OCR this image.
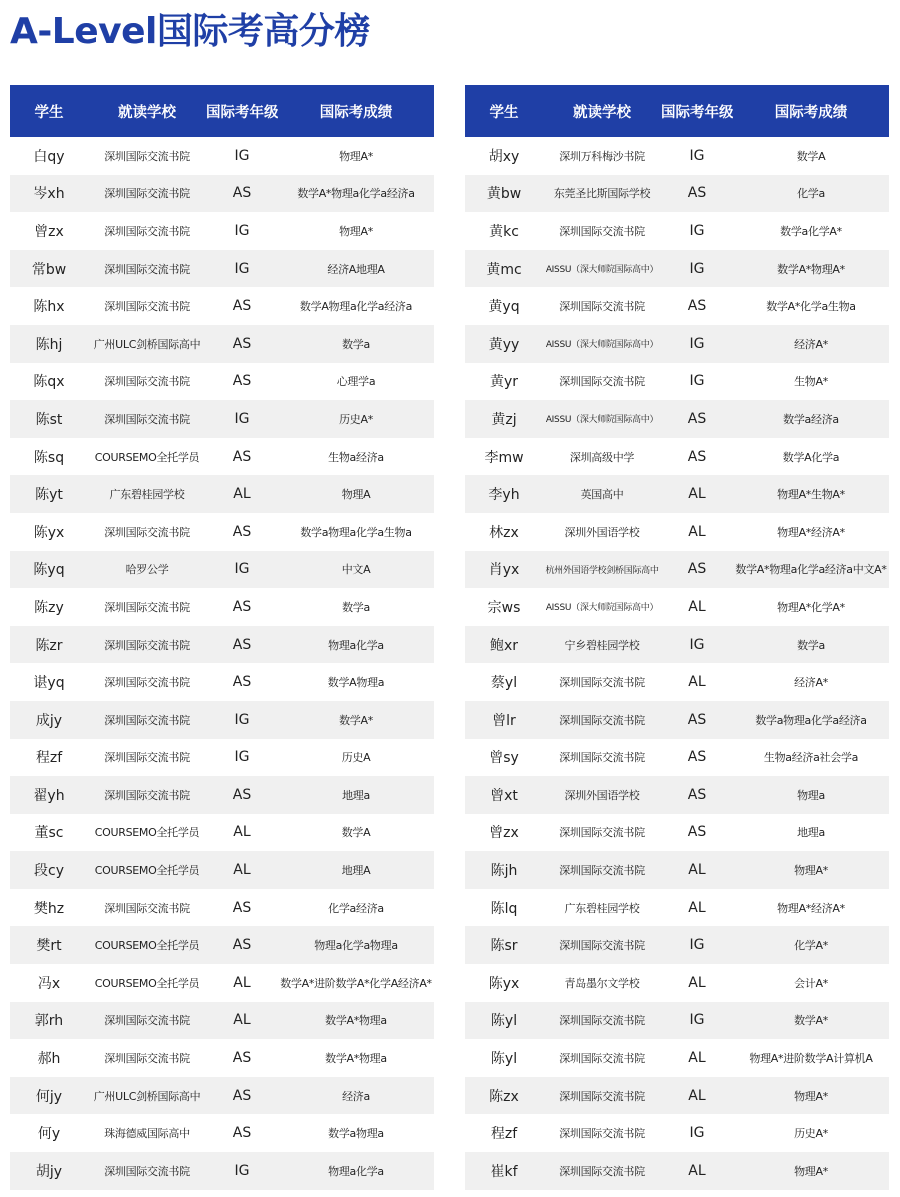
A-Level国际考高分榜
学生	就读学校	国际考年级	国际考成绩
白qy	深圳国际交流书院	IG	物理A*
岑xh	深圳国际交流书院	AS	数学A*物理a化学a经济a
曾zx	深圳国际交流书院	IG	物理A*
常bw	深圳国际交流书院	IG	经济A地理A
陈hx	深圳国际交流书院	AS	数学A物理a化学a经济a
陈hj	广州ULC剑桥国际高中	AS	数学a
陈qx	深圳国际交流书院	AS	心理学a
陈st	深圳国际交流书院	IG	历史A*
陈sq	COURSEMO全托学员	AS	生物a经济a
陈yt	广东碧桂园学校	AL	物理A
陈yx	深圳国际交流书院	AS	数学a物理a化学a生物a
陈yq	哈罗公学	IG	中文A
陈zy	深圳国际交流书院	AS	数学a
陈zr	深圳国际交流书院	AS	物理a化学a
谌yq	深圳国际交流书院	AS	数学A物理a
成jy	深圳国际交流书院	IG	数学A*
程zf	深圳国际交流书院	IG	历史A
翟yh	深圳国际交流书院	AS	地理a
董sc	COURSEMO全托学员	AL	数学A
段cy	COURSEMO全托学员	AL	地理A
樊hz	深圳国际交流书院	AS	化学a经济a
樊rt	COURSEMO全托学员	AS	物理a化学a物理a
冯x	COURSEMO全托学员	AL	数学A*进阶数学A*化学A经济A*
郭rh	深圳国际交流书院	AL	数学A*物理a
郝h	深圳国际交流书院	AS	数学A*物理a
何jy	广州ULC剑桥国际高中	AS	经济a
何y	珠海德威国际高中	AS	数学a物理a
胡jy	深圳国际交流书院	IG	物理a化学a
学生	就读学校	国际考年级	国际考成绩
胡xy	深圳万科梅沙书院	IG	数学A
黄bw	东莞圣比斯国际学校	AS	化学a
黄kc	深圳国际交流书院	IG	数学a化学A*
黄mc	AISSU（深大师院国际高中）	IG	数学A*物理A*
黄yq	深圳国际交流书院	AS	数学A*化学a生物a
黄yy	AISSU（深大师院国际高中）	IG	经济A*
黄yr	深圳国际交流书院	IG	生物A*
黄zj	AISSU（深大师院国际高中）	AS	数学a经济a
李mw	深圳高级中学	AS	数学A化学a
李yh	英国高中	AL	物理A*生物A*
林zx	深圳外国语学校	AL	物理A*经济A*
肖yx	杭州外国语学校剑桥国际高中	AS	数学A*物理a化学a经济a中文A*
宗ws	AISSU（深大师院国际高中）	AL	物理A*化学A*
鲍xr	宁乡碧桂园学校	IG	数学a
蔡yl	深圳国际交流书院	AL	经济A*
曾lr	深圳国际交流书院	AS	数学a物理a化学a经济a
曾sy	深圳国际交流书院	AS	生物a经济a社会学a
曾xt	深圳外国语学校	AS	物理a
曾zx	深圳国际交流书院	AS	地理a
陈jh	深圳国际交流书院	AL	物理A*
陈lq	广东碧桂园学校	AL	物理A*经济A*
陈sr	深圳国际交流书院	IG	化学A*
陈yx	青岛墨尔文学校	AL	会计A*
陈yl	深圳国际交流书院	IG	数学A*
陈yl	深圳国际交流书院	AL	物理A*进阶数学A计算机A
陈zx	深圳国际交流书院	AL	物理A*
程zf	深圳国际交流书院	IG	历史A*
崔kf	深圳国际交流书院	AL	物理A*
